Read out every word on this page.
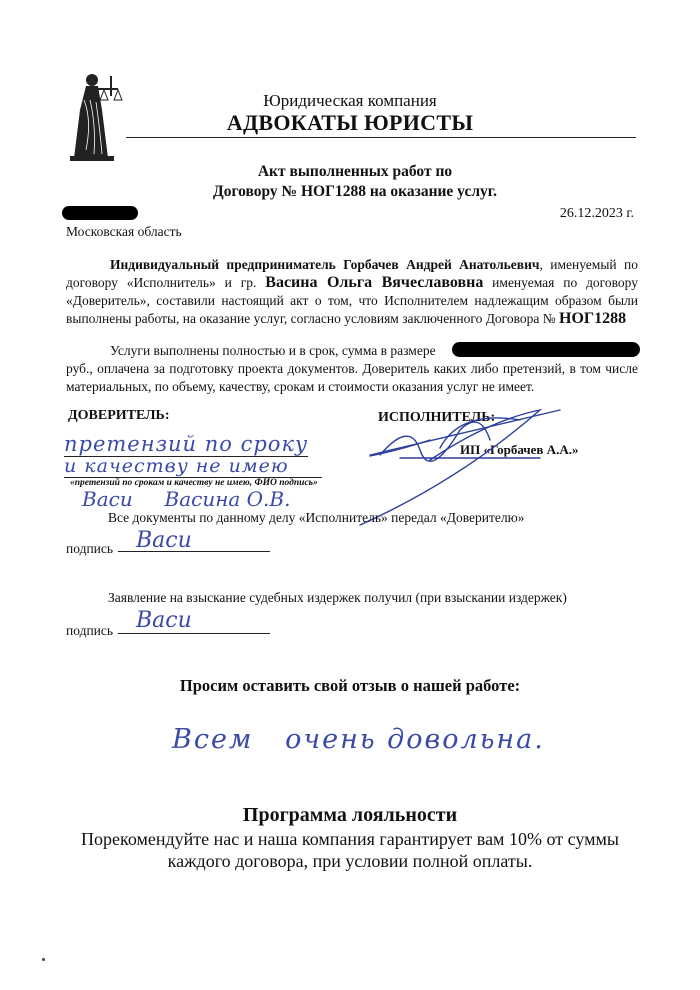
Юридическая компания
АДВОКАТЫ ЮРИСТЫ
Акт выполненных работ по
Договору № НОГ1288 на оказание услуг.
26.12.2023 г.
Московская область
Индивидуальный предприниматель Горбачев Андрей Анатольевич, именуемый по договору «Исполнитель» и гр. Васина Ольга Вячеславовна именуемая по договору «Доверитель», составили настоящий акт о том, что Исполнителем надлежащим образом были выполнены работы, на оказание услуг, согласно условиям заключенного Договора № НОГ1288
Услуги выполнены полностью и в срок, сумма в размере
руб., оплачена за подготовку проекта документов. Доверитель каких либо претензий, в том числе материальных, по объему, качеству, срокам и стоимости оказания услуг не имеет.
ДОВЕРИТЕЛЬ:	ИСПОЛНИТЕЛЬ:
ИП «Горбачев А.А.»
претензий по сроку
и качеству не имею
«претензий по срокам и качеству не имею, ФИО подпись»
Васи     Васина О.В.
Все документы по данному делу «Исполнитель» передал «Доверителю»
подпись Васи
Заявление на взыскание судебных издержек получил (при взыскании издержек)
подпись Васи
Просим оставить свой отзыв о нашей работе:
Всем   очень довольна.
Программа лояльности
Порекомендуйте нас и наша компания гарантирует вам 10% от суммы каждого договора, при условии полной оплаты.
